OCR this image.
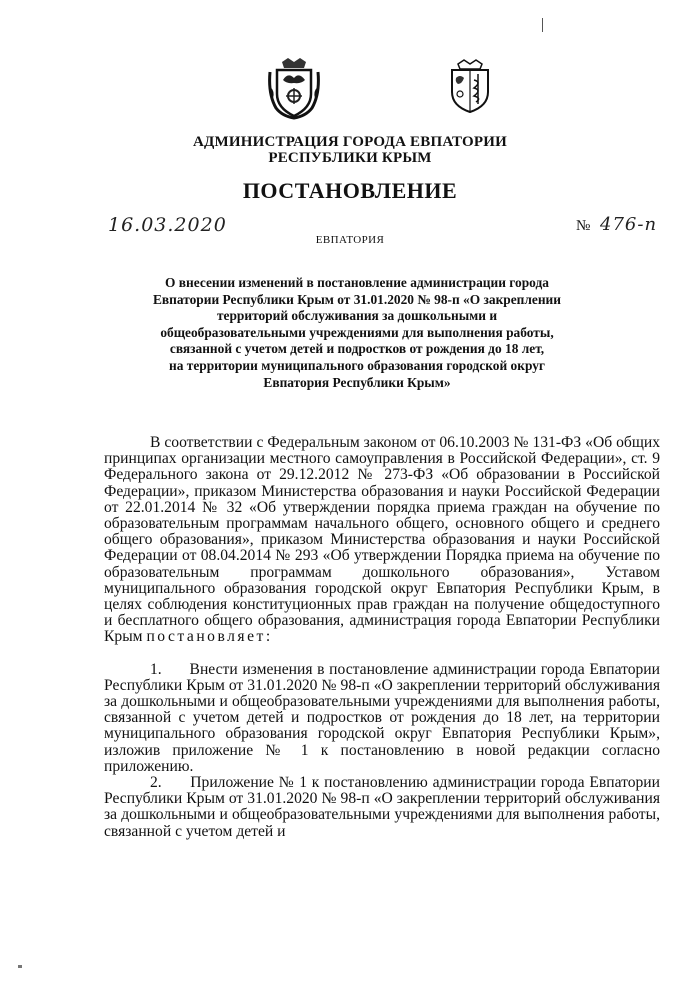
АДМИНИСТРАЦИЯ ГОРОДА ЕВПАТОРИИ
РЕСПУБЛИКИ КРЫМ
ПОСТАНОВЛЕНИЕ
16.03.2020
ЕВПАТОРИЯ
№ 476-п
О внесении изменений в постановление администрации города
Евпатории Республики Крым от 31.01.2020 № 98-п «О закреплении
территорий обслуживания за дошкольными и
общеобразовательными учреждениями для выполнения работы,
связанной с учетом детей и подростков от рождения до 18 лет,
на территории муниципального образования городской округ
Евпатория Республики Крым»

В соответствии с Федеральным законом от 06.10.2003 № 131-ФЗ «Об общих принципах организации местного самоуправления в Российской Федерации», ст. 9 Федерального закона от 29.12.2012 № 273-ФЗ «Об образовании в Российской Федерации», приказом Министерства образования и науки Российской Федерации от 22.01.2014 № 32 «Об утверждении порядка приема граждан на обучение по образовательным программам начального общего, основного общего и среднего общего образования», приказом Министерства образования и науки Российской Федерации от 08.04.2014 № 293 «Об утверждении Порядка приема на обучение по образовательным программам дошкольного образования», Уставом муниципального образования городской округ Евпатория Республики Крым, в целях соблюдения конституционных прав граждан на получение общедоступного и бесплатного общего образования, администрация города Евпатории Республики Крым постановляет:

1.      Внести изменения в постановление администрации города Евпатории Республики Крым от 31.01.2020 № 98-п «О закреплении территорий обслуживания за дошкольными и общеобразовательными учреждениями для выполнения работы, связанной с учетом детей и подростков от рождения до 18 лет, на территории муниципального образования городской округ Евпатория Республики Крым», изложив приложение № 1 к постановлению в новой редакции согласно приложению.

2.      Приложение № 1 к постановлению администрации города Евпатории Республики Крым от 31.01.2020 № 98-п «О закреплении территорий обслуживания за дошкольными и общеобразовательными учреждениями для выполнения работы, связанной с учетом детей и
